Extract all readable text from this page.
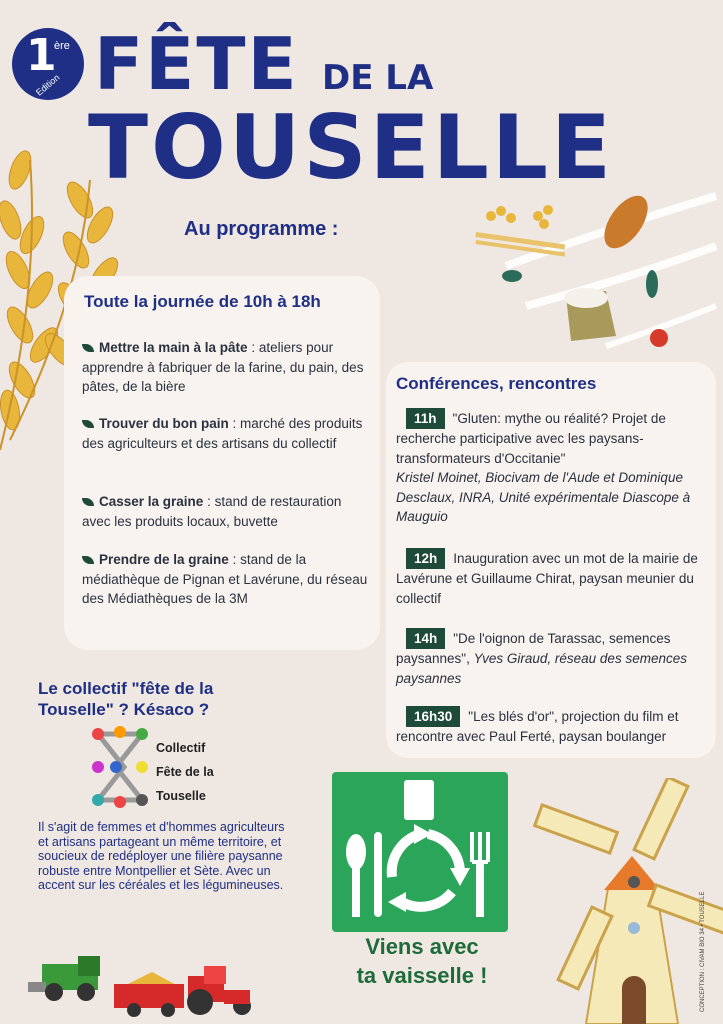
1
ère
Edition FÊTE DE LA
TOUSELLE
Au programme :
Toute la journée de 10h à 18h
Mettre la main à la pâte : ateliers pour apprendre à fabriquer de la farine, du pain, des pâtes, de la bière
Trouver du bon pain : marché des produits des agriculteurs et des artisans du collectif
Casser la graine : stand de restauration avec les produits locaux, buvette
Prendre de la graine : stand de la médiathèque de Pignan et Lavérune, du réseau des Médiathèques de la 3M
Conférences, rencontres
11h "Gluten: mythe ou réalité? Projet de recherche participative avec les paysans-transformateurs d'Occitanie"
Kristel Moinet, Biocivam de l'Aude et Dominique Desclaux, INRA, Unité expérimentale Diascope à Mauguio
12h Inauguration avec un mot de la mairie de Lavérune et Guillaume Chirat, paysan meunier du collectif
14h "De l'oignon de Tarassac, semences paysannes", Yves Giraud, réseau des semences paysannes
16h30 "Les blés d'or", projection du film et rencontre avec Paul Ferté, paysan boulanger
Le collectif "fête de la Touselle" ? Késaco ?
Collectif
Fête de la
Touselle
Il s'agit de femmes et d'hommes agriculteurs et artisans partageant un même territoire, et soucieux de redéployer une filière paysanne robuste entre Montpellier et Sète. Avec un accent sur les céréales et les légumineuses.
Viens avec
ta vaisselle !	CONCEPTION : CIVAM BIO 34 • TOUSELLE
